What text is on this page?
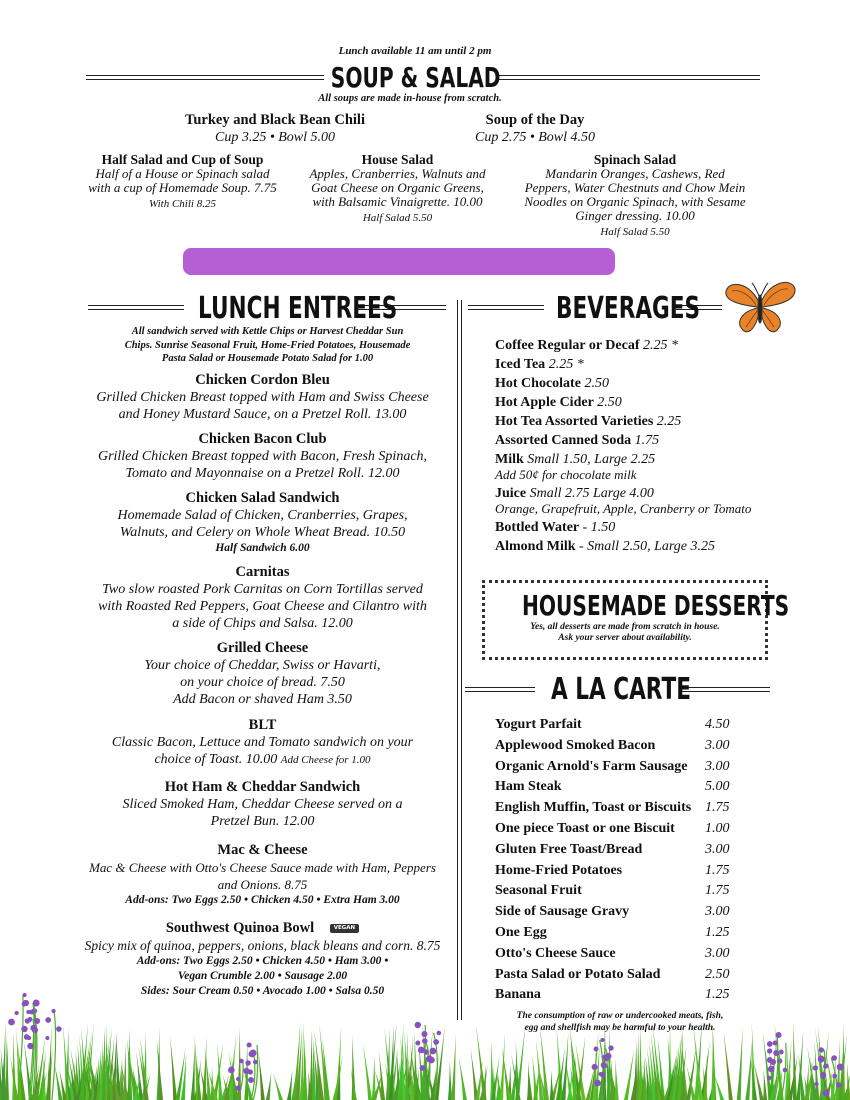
Lunch available 11 am until 2 pm
SOUP & SALAD
All soups are made in-house from scratch.
Turkey and Black Bean Chili
Cup 3.25 • Bowl 5.00
Soup of the Day
Cup 2.75 • Bowl 4.50
Half Salad and Cup of Soup
Half of a House or Spinach salad
with a cup of Homemade Soup. 7.75
With Chili 8.25
House Salad
Apples, Cranberries, Walnuts and
Goat Cheese on Organic Greens,
with Balsamic Vinaigrette. 10.00
Half Salad 5.50
Spinach Salad
Mandarin Oranges, Cashews, Red
Peppers, Water Chestnuts and Chow Mein
Noodles on Organic Spinach, with Sesame
Ginger dressing. 10.00
Half Salad 5.50
LUNCH ENTREES
All sandwich served with Kettle Chips or Harvest Cheddar Sun
Chips. Sunrise Seasonal Fruit, Home-Fried Potatoes, Housemade
Pasta Salad or Housemade Potato Salad for 1.00
Chicken Cordon Bleu
Grilled Chicken Breast topped with Ham and Swiss Cheese
and Honey Mustard Sauce, on a Pretzel Roll. 13.00
Chicken Bacon Club
Grilled Chicken Breast topped with Bacon, Fresh Spinach,
Tomato and Mayonnaise on a Pretzel Roll. 12.00
Chicken Salad Sandwich
Homemade Salad of Chicken, Cranberries, Grapes,
Walnuts, and Celery on Whole Wheat Bread. 10.50
Half Sandwich 6.00
Carnitas
Two slow roasted Pork Carnitas on Corn Tortillas served
with Roasted Red Peppers, Goat Cheese and Cilantro with
a side of Chips and Salsa. 12.00
Grilled Cheese
Your choice of Cheddar, Swiss or Havarti,
on your choice of bread. 7.50
Add Bacon or shaved Ham 3.50
BLT
Classic Bacon, Lettuce and Tomato sandwich on your
choice of Toast. 10.00 Add Cheese for 1.00
Hot Ham & Cheddar Sandwich
Sliced Smoked Ham, Cheddar Cheese served on a
Pretzel Bun. 12.00
Mac & Cheese
Mac & Cheese with Otto's Cheese Sauce made with Ham, Peppers
and Onions. 8.75
Add-ons: Two Eggs 2.50 • Chicken 4.50 • Extra Ham 3.00
Southwest Quinoa Bowl	VEGAN
Spicy mix of quinoa, peppers, onions, black bleans and corn. 8.75
Add-ons: Two Eggs 2.50 • Chicken 4.50 • Ham 3.00 •
Vegan Crumble 2.00 • Sausage 2.00
Sides: Sour Cream 0.50 • Avocado 1.00 • Salsa 0.50
BEVERAGES
Coffee Regular or Decaf 2.25 *
Iced Tea 2.25 *
Hot Chocolate 2.50
Hot Apple Cider 2.50
Hot Tea Assorted Varieties 2.25
Assorted Canned Soda 1.75
Milk Small 1.50, Large 2.25
Add 50¢ for chocolate milk
Juice Small 2.75 Large 4.00
Orange, Grapefruit, Apple, Cranberry or Tomato
Bottled Water - 1.50
Almond Milk - Small 2.50, Large 3.25
HOUSEMADE DESSERTS
Yes, all desserts are made from scratch in house.
Ask your server about availability.
A LA CARTE
Yogurt Parfait	4.50
Applewood Smoked Bacon	3.00
Organic Arnold's Farm Sausage 3.00
Ham Steak	5.00
English Muffin, Toast or Biscuits 1.75
One piece Toast or one Biscuit 1.00
Gluten Free Toast/Bread	3.00
Home-Fried Potatoes	1.75
Seasonal Fruit	1.75
Side of Sausage Gravy	3.00
One Egg	1.25
Otto's Cheese Sauce	3.00
Pasta Salad or Potato Salad	2.50
Banana	1.25
The consumption of raw or undercooked meats, fish,
egg and shellfish may be harmful to your health.
